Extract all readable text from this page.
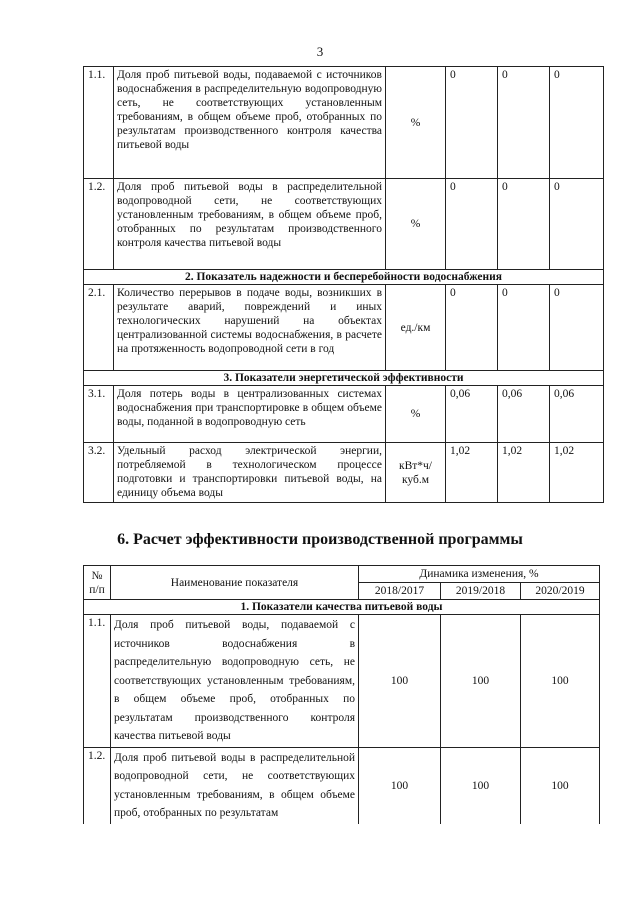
3
1.1.	Доля проб питьевой воды, подаваемой с источников водоснабжения в распределительную водопроводную сеть, не соответствующих установленным требованиям, в общем объеме проб, отобранных по результатам производственного контроля качества питьевой воды	%	0	0	0
1.2.	Доля проб питьевой воды в распределительной водопроводной сети, не соответствующих установленным требованиям, в общем объеме проб, отобранных по результатам производственного контроля качества питьевой воды	%	0	0	0
2. Показатель надежности и бесперебойности водоснабжения					
2.1.	Количество перерывов в подаче воды, возникших в результате аварий, повреждений и иных технологических нарушений на объектах централизованной системы водоснабжения, в расчете на протяженность водопроводной сети в год	ед./км	0	0	0
3. Показатели энергетической эффективности					
3.1.	Доля потерь воды в централизованных системах водоснабжения при транспортировке в общем объеме воды, поданной в водопроводную сеть	%	0,06	0,06	0,06
3.2.	Удельный расход электрической энергии, потребляемой в технологическом процессе подготовки и транспортировки питьевой воды, на единицу объема воды	кВт*ч/ куб.м	1,02	1,02	1,02
6. Расчет эффективности производственной программы
№
п/п	Наименование показателя	Динамика изменения, %		
		2018/2017	2019/2018	2020/2019
1. Показатели качества питьевой воды				
1.1.	Доля проб питьевой воды, подаваемой с источников водоснабжения в распределительную водопроводную сеть, не соответствующих установленным требованиям, в общем объеме проб, отобранных по результатам производственного контроля качества питьевой воды	100	100	100
1.2.	Доля проб питьевой воды в распределительной водопроводной сети, не соответствующих установленным требованиям, в общем объеме проб, отобранных по результатам	100	100	100
